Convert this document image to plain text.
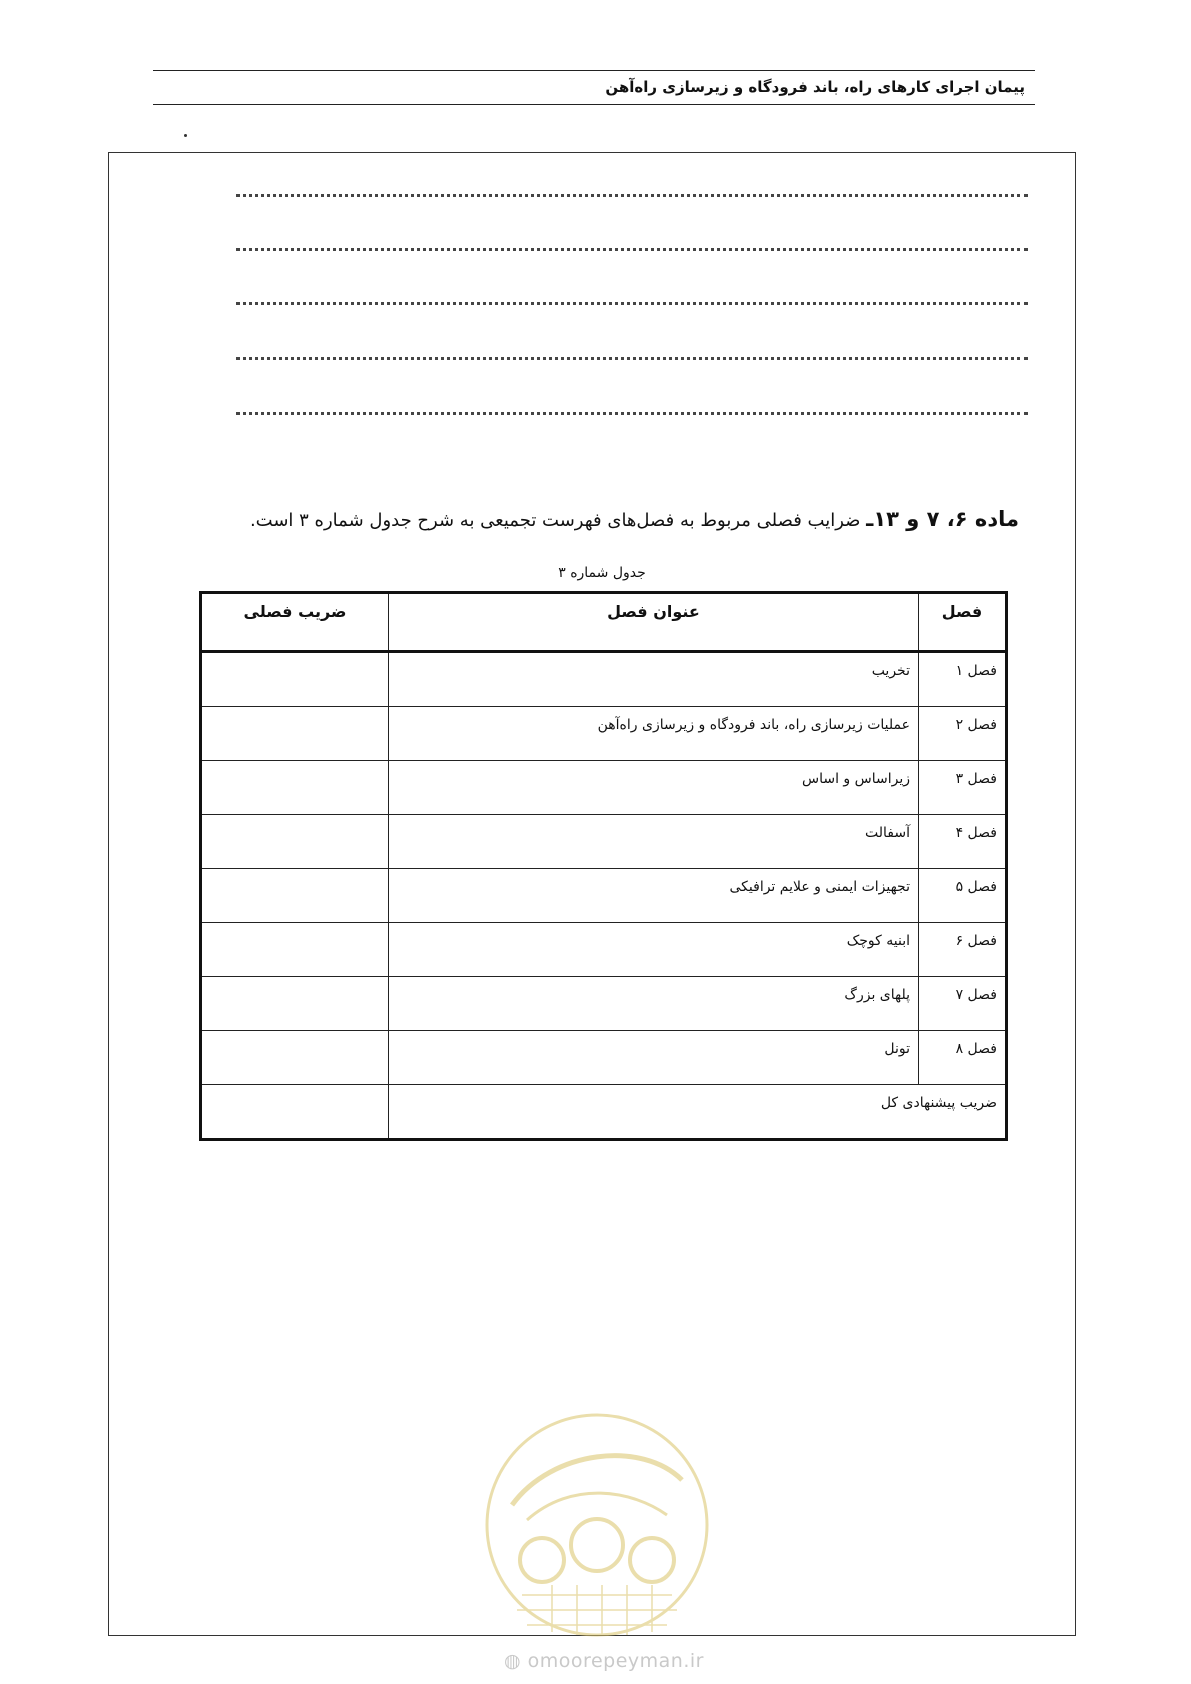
پیمان اجرای کارهای راه، باند فرودگاه و زیرسازی راه‌آهن
ماده ۶، ۷ و ۱۳ـ ضرایب فصلی مربوط به فصل‌های فهرست تجمیعی به شرح جدول شماره ۳ است.
جدول شماره ۳
فصل	عنوان فصل	ضریب فصلی
فصل ۱	تخریب	
فصل ۲	عملیات زیرسازی راه، باند فرودگاه و زیرسازی راه‌آهن	
فصل ۳	زیراساس و اساس	
فصل ۴	آسفالت	
فصل ۵	تجهیزات ایمنی و علایم ترافیکی	
فصل ۶	ابنیه کوچک	
فصل ۷	پلهای بزرگ	
فصل ۸	تونل	
ضریب پیشنهادی کل		
◍ omoorepeyman.ir
